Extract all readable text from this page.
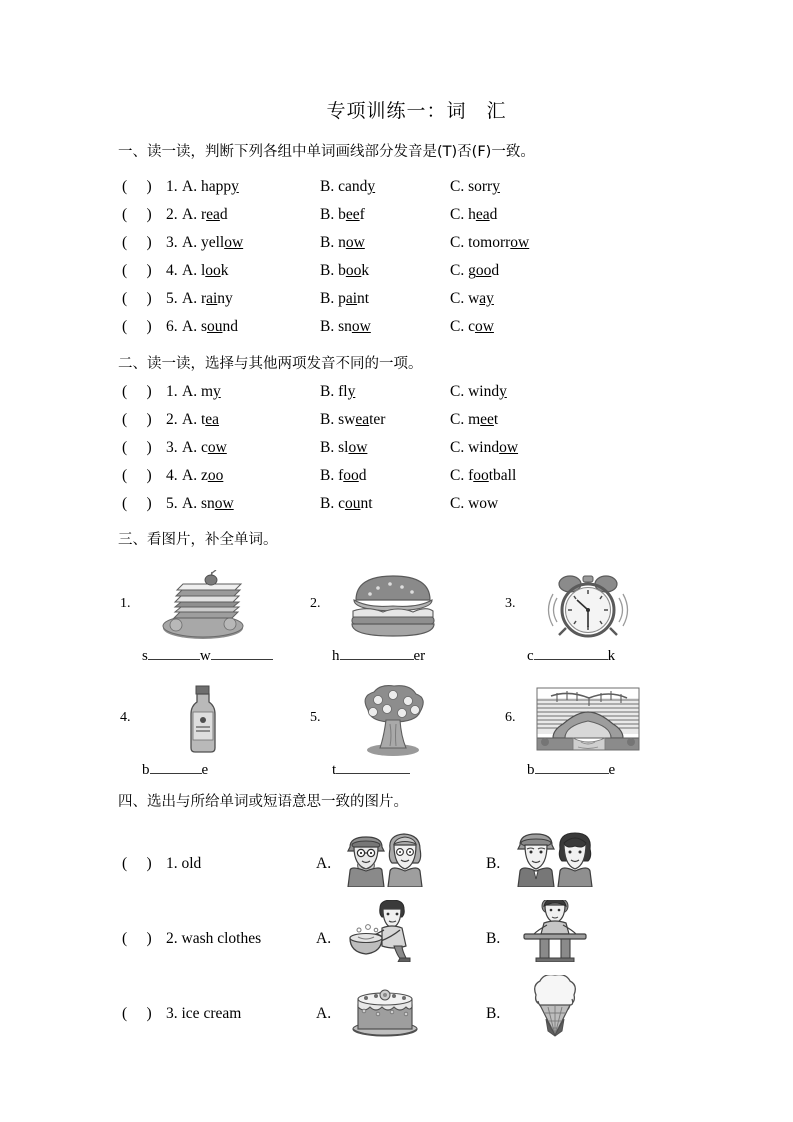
专项训练一：词　汇
一、读一读，判断下列各组中单词画线部分发音是(T)否(F)一致。
(     ) 1. A. happy	B. candy	C. sorry
(     ) 2. A. read	B. beef	C. head
(     ) 3. A. yellow	B. now	C. tomorrow
(     ) 4. A. look	B. book	C. good
(     ) 5. A. rainy	B. paint	C. way
(     ) 6. A. sound	B. snow	C. cow
二、读一读，选择与其他两项发音不同的一项。
(     ) 1. A. my	B. fly	C. windy
(     ) 2. A. tea	B. sweater	C. meet
(     ) 3. A. cow	B. slow	C. window
(     ) 4. A. zoo	B. food	C. football
(     ) 5. A. snow	B. count	C. wow
三、看图片，补全单词。
1.
s	w
2.
h	er
3.
c	k
4.
b	e
5.
t
6.
b	e
四、选出与所给单词或短语意思一致的图片。
(     ) 1. old	A.	B.
(     ) 2. wash clothes	A.	B.
(     ) 3. ice cream	A.	B.
